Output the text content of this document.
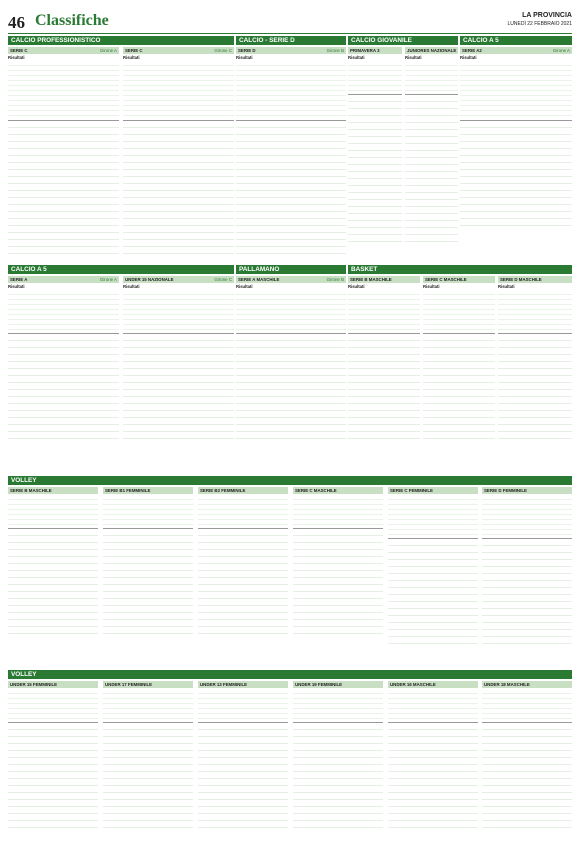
46 Classifiche	LA PROVINCIA
LUNEDÌ 22 FEBBRAIO 2021
CALCIO PROFESSIONISTICO	CALCIO - SERIE D	CALCIO GIOVANILE	CALCIO A 5
SERIE C	Girone A
Risultati
SERIE C	Girone C
Risultati
SERIE D	Girone B
Risultati
PRIMAVERA 3
Risultati
JUNIORES NAZIONALE
Risultati
SERIE A2	Girone A
Risultati
CALCIO A 5	PALLAMANO	BASKET
SERIE A	Girone A
Risultati
UNDER 15 NAZIONALE	Girone C
Risultati
SERIE A MASCHILE	Girone B
Risultati
SERIE B MASCHILE
Risultati
SERIE C MASCHILE
Risultati
SERIE D MASCHILE
Risultati
VOLLEY
SERIE B MASCHILE	SERIE B1 FEMMINILE	SERIE B2 FEMMINILE	SERIE C MASCHILE	SERIE C FEMMINILE	SERIE D FEMMINILE
VOLLEY
UNDER 15 FEMMINILE	UNDER 17 FEMMINILE	UNDER 13 FEMMINILE	UNDER 19 FEMMINILE	UNDER 16 MASCHILE	UNDER 18 MASCHILE
